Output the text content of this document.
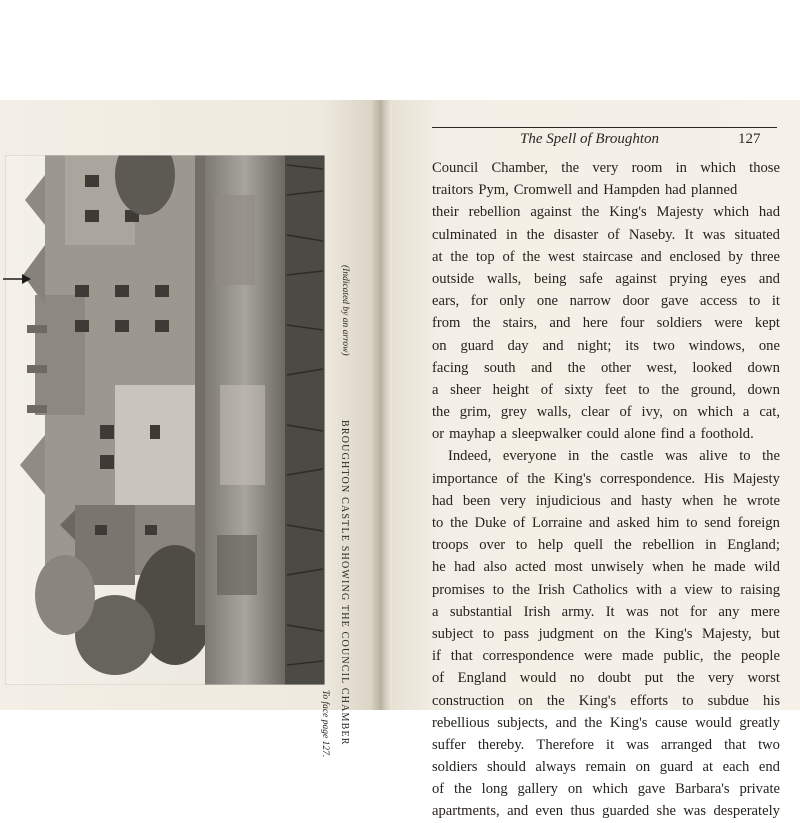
BROUGHTON CASTLE SHOWING THE COUNCIL CHAMBER
(Indicated by an arrow)
To face page 127.
The Spell of Broughton	127
Council Chamber, the very room in which those
traitors Pym, Cromwell and Hampden had planned
their rebellion against the King's Majesty which had
culminated in the disaster of Naseby. It was situated
at the top of the west staircase and enclosed by three
outside walls, being safe against prying eyes and
ears, for only one narrow door gave access to it
from the stairs, and here four soldiers were kept
on guard day and night; its two windows, one
facing south and the other west, looked down
a sheer height of sixty feet to the ground, down
the grim, grey walls, clear of ivy, on which a cat,
or mayhap a sleepwalker could alone find a foothold.
Indeed, everyone in the castle was alive to the
importance of the King's correspondence. His Majesty
had been very injudicious and hasty when he wrote
to the Duke of Lorraine and asked him to send foreign
troops over to help quell the rebellion in England;
he had also acted most unwisely when he made wild
promises to the Irish Catholics with a view to raising
a substantial Irish army. It was not for any mere
subject to pass judgment on the King's Majesty, but
if that correspondence were made public, the people
of England would no doubt put the very worst
construction on the King's efforts to subdue his
rebellious subjects, and the King's cause would greatly
suffer thereby. Therefore it was arranged that two
soldiers should always remain on guard at each end
of the long gallery on which gave Barbara's private
apartments, and even thus guarded she was desperately
